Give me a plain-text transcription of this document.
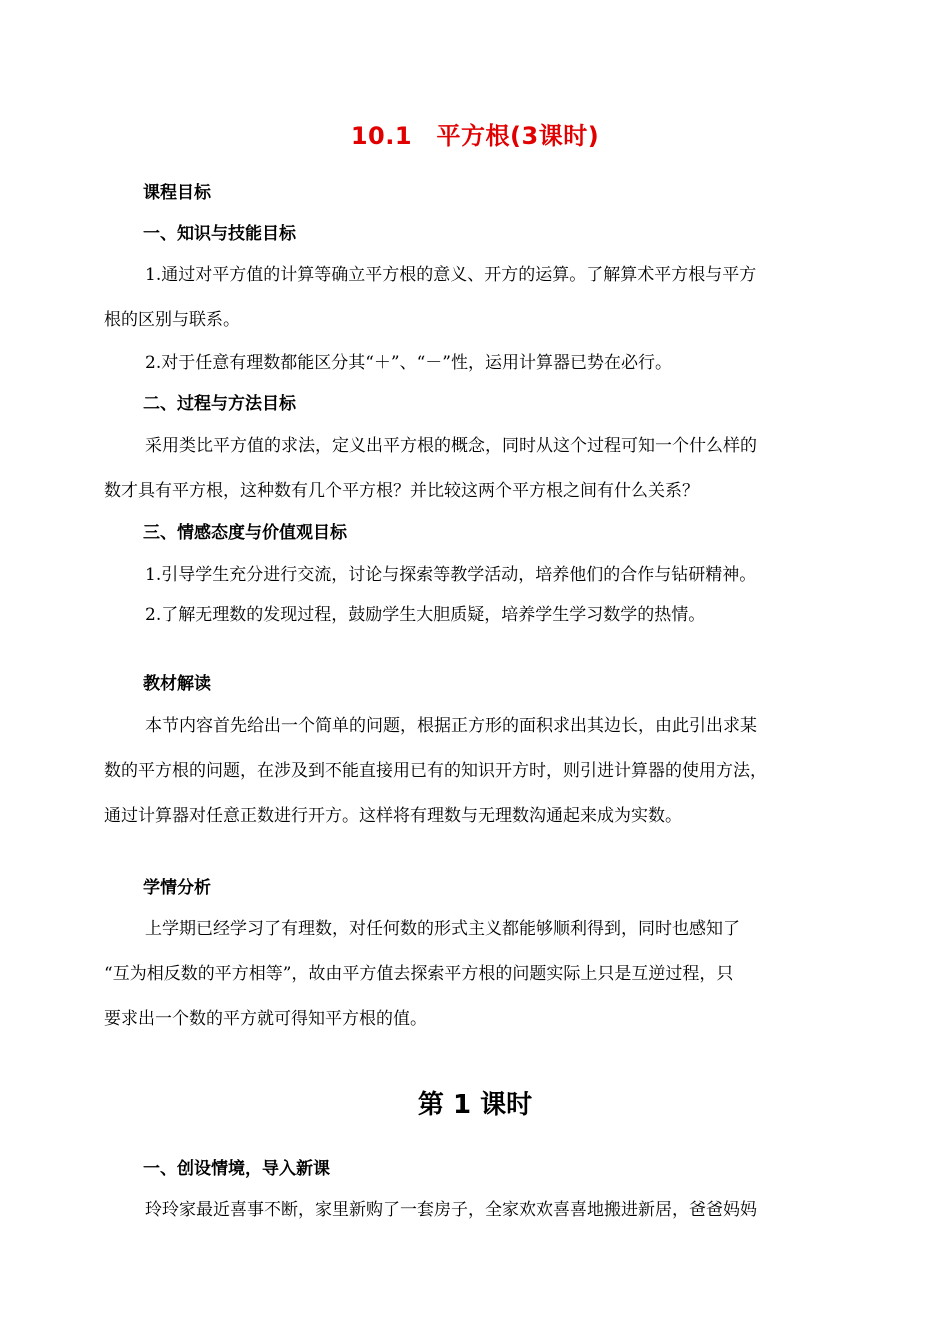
10.1　平方根(3课时)
课程目标
一、知识与技能目标
1.通过对平方值的计算等确立平方根的意义、开方的运算。了解算术平方根与平方
根的区别与联系。
2.对于任意有理数都能区分其“＋”、“－”性，运用计算器已势在必行。
二、过程与方法目标
采用类比平方值的求法，定义出平方根的概念，同时从这个过程可知一个什么样的
数才具有平方根，这种数有几个平方根？并比较这两个平方根之间有什么关系？
三、情感态度与价值观目标
1.引导学生充分进行交流，讨论与探索等教学活动，培养他们的合作与钻研精神。
2.了解无理数的发现过程，鼓励学生大胆质疑，培养学生学习数学的热情。
教材解读
本节内容首先给出一个简单的问题，根据正方形的面积求出其边长，由此引出求某
数的平方根的问题，在涉及到不能直接用已有的知识开方时，则引进计算器的使用方法，
通过计算器对任意正数进行开方。这样将有理数与无理数沟通起来成为实数。
学情分析
上学期已经学习了有理数，对任何数的形式主义都能够顺利得到，同时也感知了
“互为相反数的平方相等”，故由平方值去探索平方根的问题实际上只是互逆过程，只
要求出一个数的平方就可得知平方根的值。
第 1 课时
一、创设情境，导入新课
玲玲家最近喜事不断，家里新购了一套房子，全家欢欢喜喜地搬进新居，爸爸妈妈
